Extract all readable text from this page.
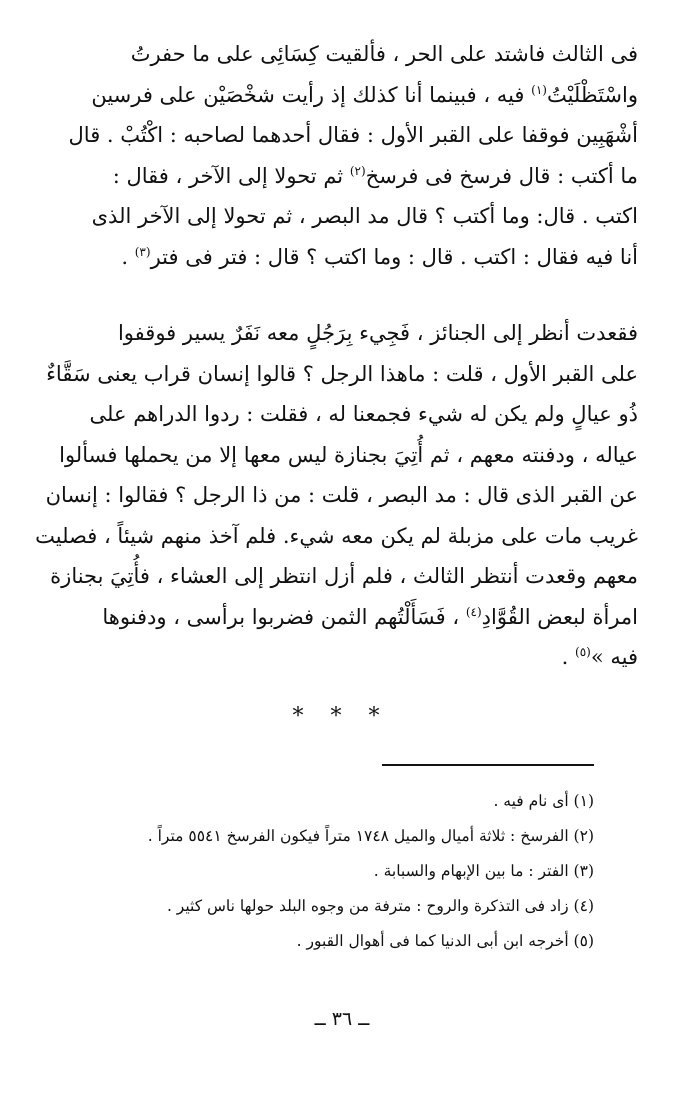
فى الثالث فاشتد على الحر ، فألقيت كِسَائِى على ما حفرتُ

واسْتَظْلَيْتُ$^{(١)}$ فيه ، فبينما أنا كذلك إذ رأيت شخْصَيْن على فرسين

أشْهَبِين فوقفا على القبر الأول : فقال أحدهما لصاحبه : اكْتُبْ . قال

ما أكتب : قال فرسخ فى فرسخ$^{(٢)}$ ثم تحولا إلى الآخر ، فقال :

اكتب . قال: وما أكتب ؟ قال مد البصر ، ثم تحولا إلى الآخر الذى

أنا فيه فقال : اكتب . قال : وما اكتب ؟ قال : فتر فى فتر$^{(٣)}$ .

فقعدت أنظر إلى الجنائز ، فَجِيء بِرَجُلٍ معه نَفَرٌ يسير فوقفوا

على القبر الأول ، قلت : ماهذا الرجل ؟ قالوا إنسان قراب يعنى سَقَّاءٌ

ذُو عيالٍ ولم يكن له شيء فجمعنا له ، فقلت : ردوا الدراهم على

عياله ، ودفنته معهم ، ثم أُتِيَ بجنازة ليس معها إلا من يحملها فسألوا

عن القبر الذى قال : مد البصر ، قلت : من ذا الرجل ؟ فقالوا : إنسان

غريب مات على مزبلة لم يكن معه شيء. فلم آخذ منهم شيئاً ، فصليت

معهم وقعدت أنتظر الثالث ، فلم أزل انتظر إلى العشاء ، فأُتِيَ بجنازة

امرأة لبعض القُوَّادِ$^{(٤)}$ ، فَسَأَلْتُهم الثمن فضربوا برأسى ، ودفنوها

فيه »$^{(٥)}$ .

* * *

(١) أى نام فيه .

(٢) الفرسخ : ثلاثة أميال والميل ١٧٤٨ متراً فيكون الفرسخ ٥٥٤١ متراً .

(٣) الفتر : ما بين الإبهام والسبابة .

(٤) زاد فى التذكرة والروح : مترفة من وجوه البلد حولها ناس كثير .

(٥) أخرجه ابن أبى الدنيا كما فى أهوال القبور .

ــ ٣٦ ــ
